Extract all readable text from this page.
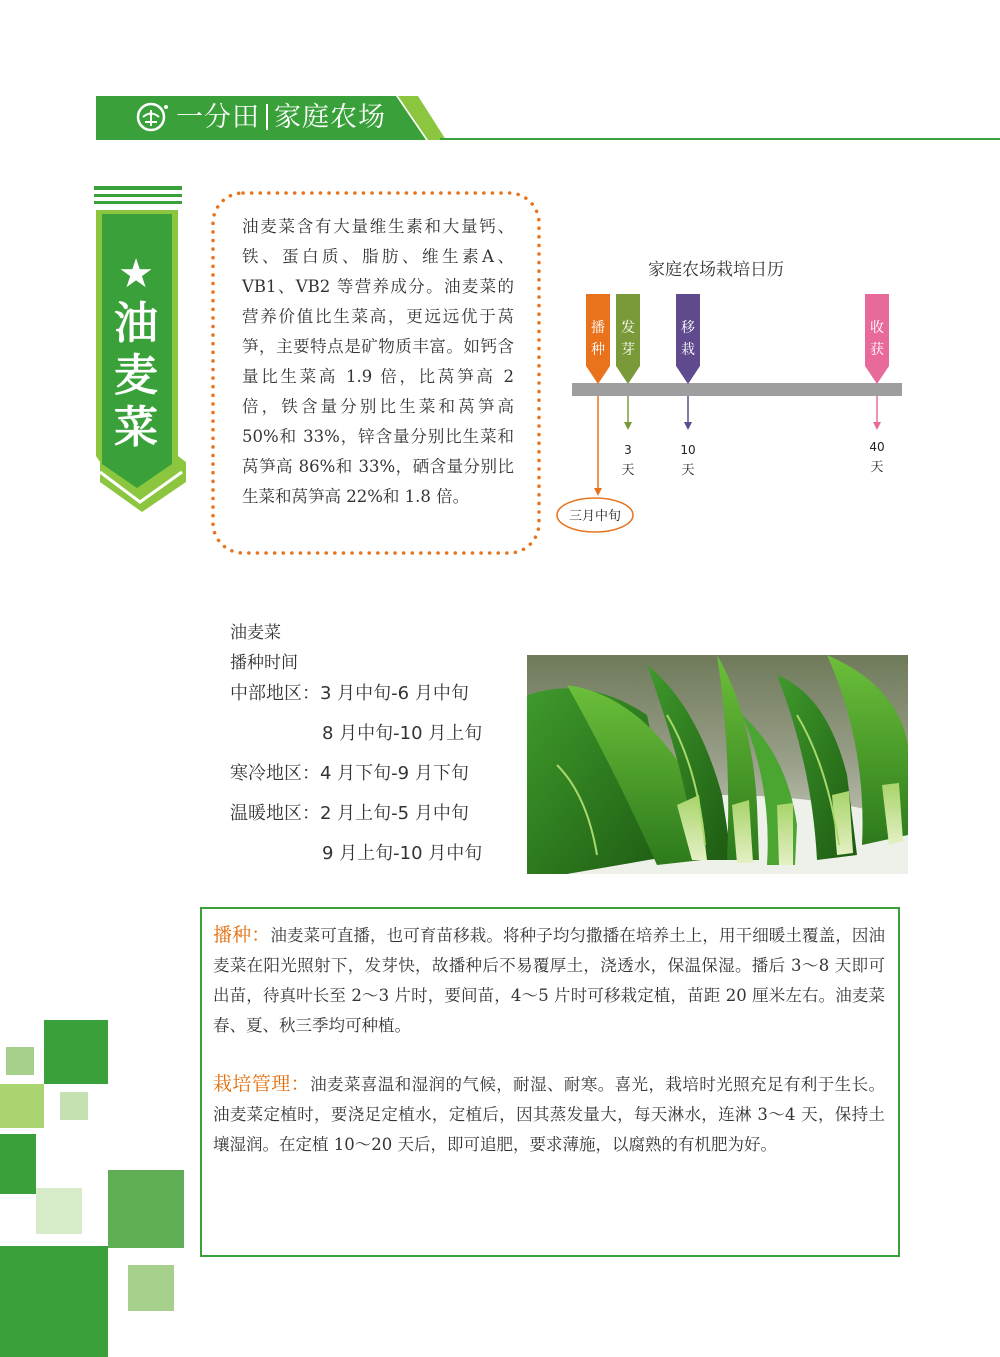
一分田 家庭农场
★
油
麦
菜
油麦菜含有大量维生素和大量钙、铁、蛋白质、脂肪、维生素A、VB1、VB2 等营养成分。油麦菜的营养价值比生菜高，更远远优于莴笋，主要特点是矿物质丰富。如钙含量比生菜高 1.9 倍，比莴笋高 2 倍，铁含量分别比生菜和莴笋高 50%和 33%，锌含量分别比生菜和莴笋高 86%和 33%，硒含量分别比生菜和莴笋高 22%和 1.8 倍。
家庭农场栽培日历
播
种
发
芽
3
天
移
栽
10
天
收
获
40
天
三月中旬
油麦菜
播种时间
中部地区：3 月中旬-6 月中旬
8 月中旬-10 月上旬
寒冷地区：4 月下旬-9 月下旬
温暖地区：2 月上旬-5 月中旬
9 月上旬-10 月中旬
播种：油麦菜可直播，也可育苗移栽。将种子均匀撒播在培养土上，用干细暖土覆盖，因油麦菜在阳光照射下，发芽快，故播种后不易覆厚土，浇透水，保温保湿。播后 3～8 天即可出苗，待真叶长至 2～3 片时，要间苗，4～5 片时可移栽定植，苗距 20 厘米左右。油麦菜春、夏、秋三季均可种植。
栽培管理：油麦菜喜温和湿润的气候，耐湿、耐寒。喜光，栽培时光照充足有利于生长。油麦菜定植时，要浇足定植水，定植后，因其蒸发量大，每天淋水，连淋 3～4 天，保持土壤湿润。在定植 10～20 天后，即可追肥，要求薄施，以腐熟的有机肥为好。
